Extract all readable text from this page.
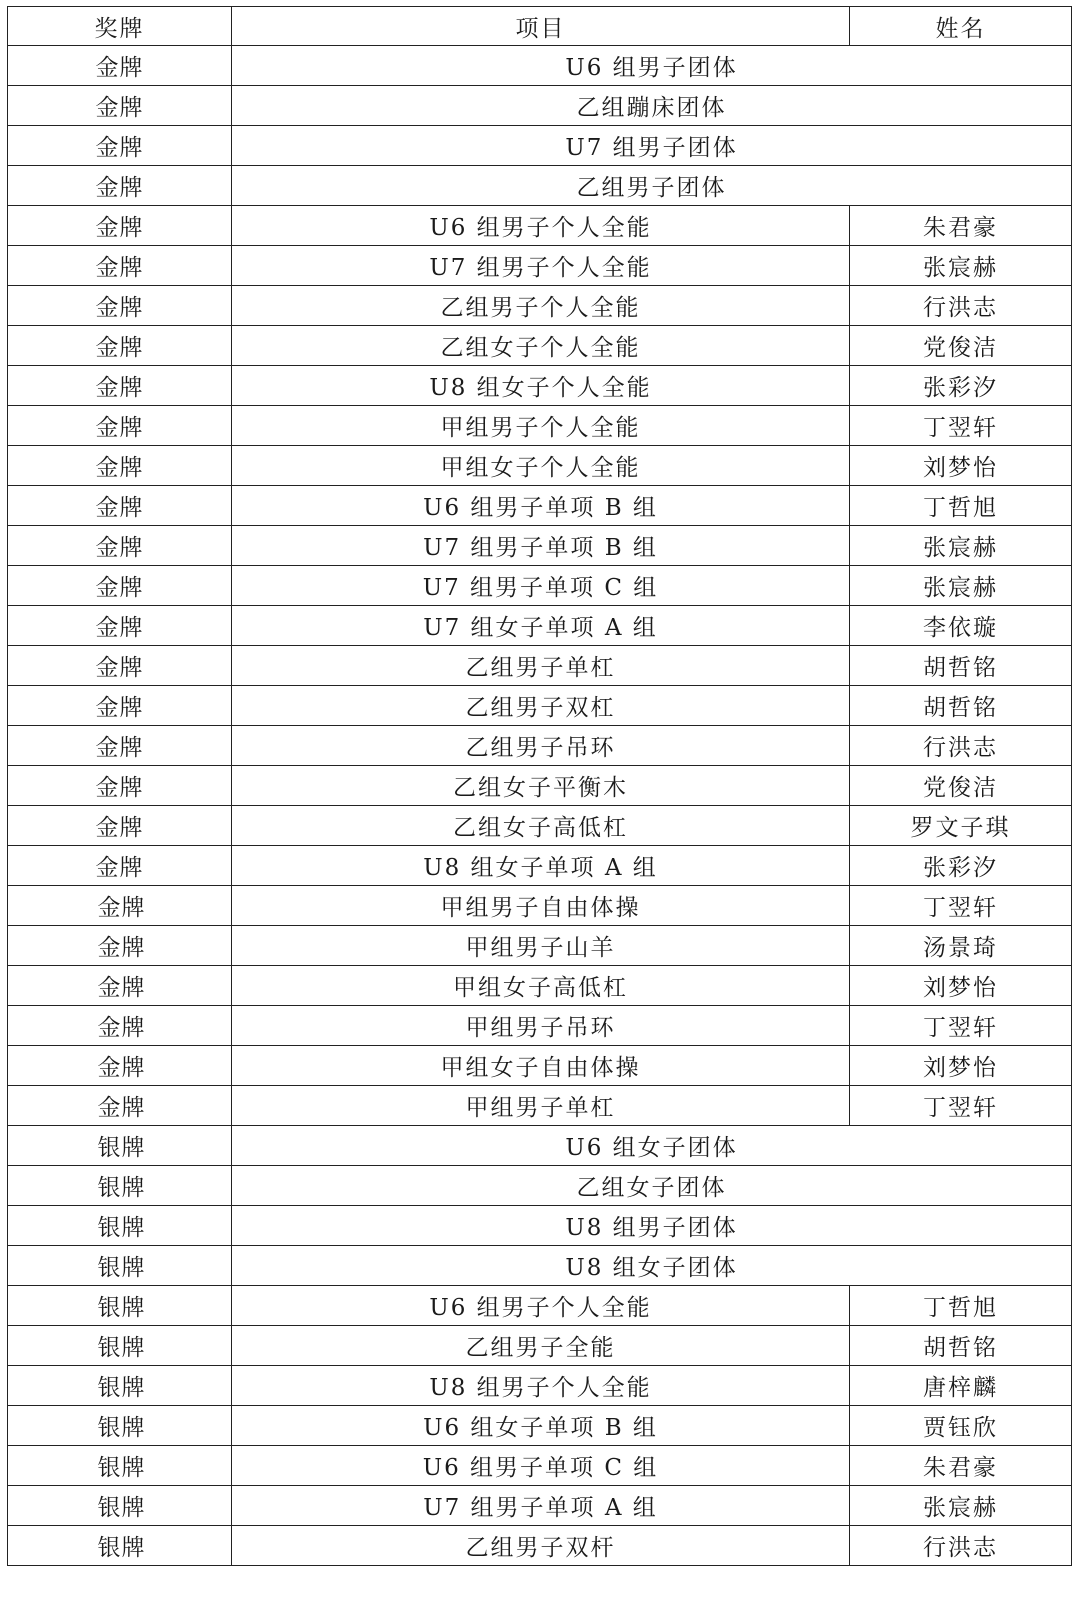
奖牌	项目	姓名
金牌	U6 组男子团体	
金牌	乙组蹦床团体	
金牌	U7 组男子团体	
金牌	乙组男子团体	
金牌	U6 组男子个人全能	朱君豪
金牌	U7 组男子个人全能	张宸赫
金牌	乙组男子个人全能	行洪志
金牌	乙组女子个人全能	党俊洁
金牌	U8 组女子个人全能	张彩汐
金牌	甲组男子个人全能	丁翌轩
金牌	甲组女子个人全能	刘梦怡
金牌	U6 组男子单项 B 组	丁哲旭
金牌	U7 组男子单项 B 组	张宸赫
金牌	U7 组男子单项 C 组	张宸赫
金牌	U7 组女子单项 A 组	李依璇
金牌	乙组男子单杠	胡哲铭
金牌	乙组男子双杠	胡哲铭
金牌	乙组男子吊环	行洪志
金牌	乙组女子平衡木	党俊洁
金牌	乙组女子高低杠	罗文子琪
金牌	U8 组女子单项 A 组	张彩汐
金牌	甲组男子自由体操	丁翌轩
金牌	甲组男子山羊	汤景琦
金牌	甲组女子高低杠	刘梦怡
金牌	甲组男子吊环	丁翌轩
金牌	甲组女子自由体操	刘梦怡
金牌	甲组男子单杠	丁翌轩
银牌	U6 组女子团体	
银牌	乙组女子团体	
银牌	U8 组男子团体	
银牌	U8 组女子团体	
银牌	U6 组男子个人全能	丁哲旭
银牌	乙组男子全能	胡哲铭
银牌	U8 组男子个人全能	唐梓麟
银牌	U6 组女子单项 B 组	贾钰欣
银牌	U6 组男子单项 C 组	朱君豪
银牌	U7 组男子单项 A 组	张宸赫
银牌	乙组男子双杆	行洪志
